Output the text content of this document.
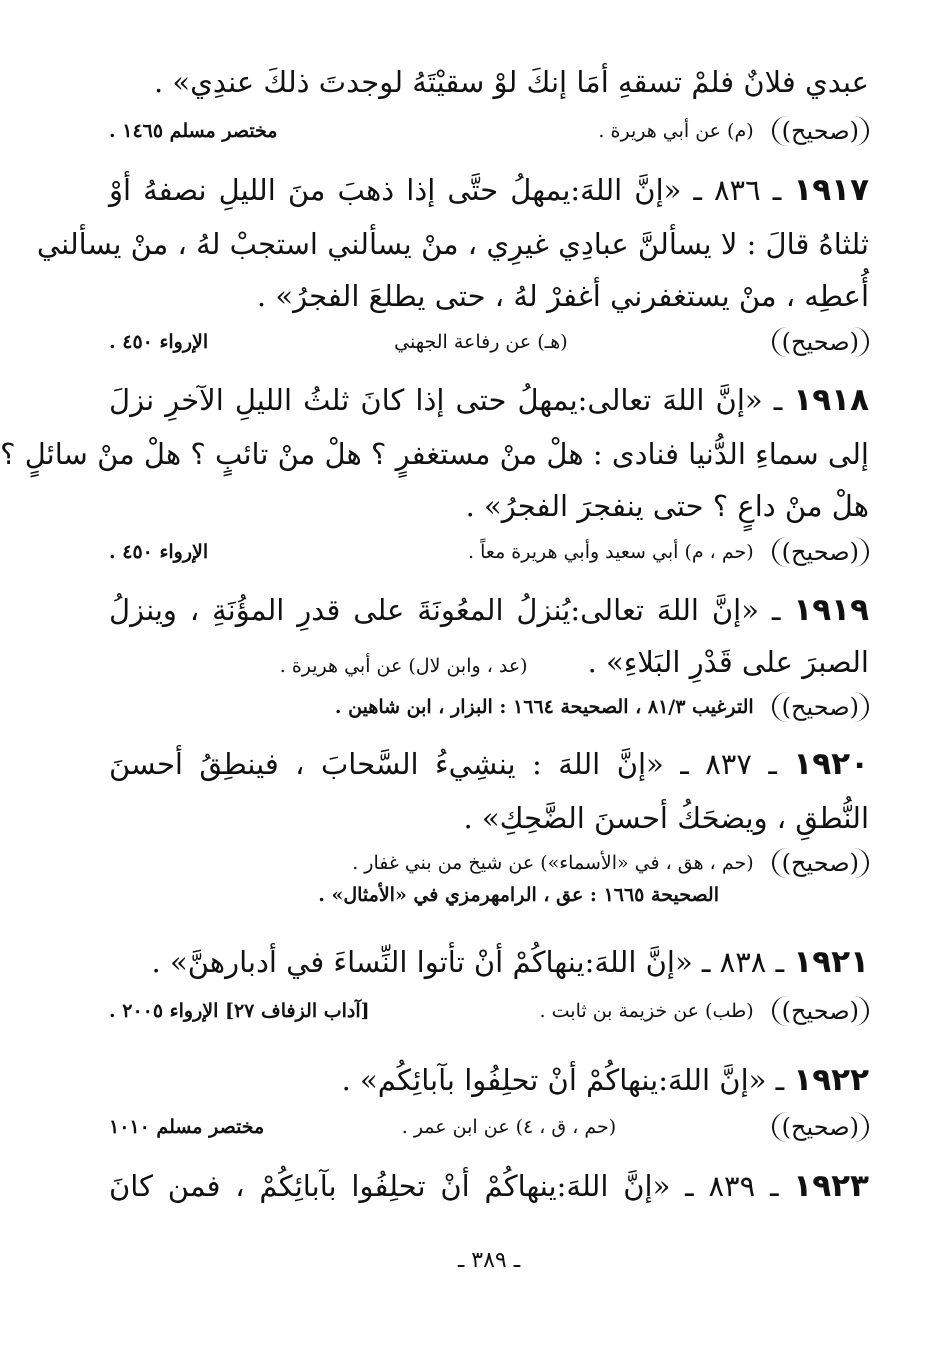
عبدي فلانٌ فلمْ تسقهِ أمَا إنكَ لوْ سقيْتَهُ لوجدتَ ذلكَ عندِي» .
(صحيح)
(م) عن أبي هريرة .
مختصر مسلم ١٤٦٥ .
١٩١٧ ـ ٨٣٦ ـ «إنَّ اللهَ:يمهلُ حتَّى إذا ذهبَ منَ الليلِ نصفهُ أوْ
ثلثاهُ قالَ : لا يسألنَّ عبادِي غيرِي ، منْ يسألني استجبْ لهُ ، منْ يسألني
أُعطِه ، منْ يستغفرني أغفرْ لهُ ، حتى يطلعَ الفجرُ» .
(صحيح)
(هـ) عن رفاعة الجهني
الإرواء ٤٥٠ .
١٩١٨ ـ «إنَّ اللهَ تعالى:يمهلُ حتى إذا كانَ ثلثُ الليلِ الآخرِ نزلَ
إلى سماءِ الدُّنيا فنادى : هلْ منْ مستغفرٍ ؟ هلْ منْ تائبٍ ؟ هلْ منْ سائلٍ ؟
هلْ منْ داعٍ ؟ حتى ينفجرَ الفجرُ» .
(صحيح)
(حم ، م) أبي سعيد وأبي هريرة معاً .
الإرواء ٤٥٠ .
١٩١٩ ـ «إنَّ اللهَ تعالى:يُنزلُ المعُونَةَ على قدرِ المؤُنَةِ ، وينزلُ
الصبرَ على قَدْرِ البَلاءِ» .
(عد ، وابن لال) عن أبي هريرة .
(صحيح)
الترغيب ٨١/٣ ، الصحيحة ١٦٦٤ : البزار ، ابن شاهين .
١٩٢٠ ـ ٨٣٧ ـ «إنَّ اللهَ : ينشِيءُ السَّحابَ ، فينطِقُ أحسنَ
النُّطقِ ، ويضحَكُ أحسنَ الضَّحِكِ» .
(صحيح)
(حم ، هق ، في «الأسماء») عن شيخ من بني غفار .
الصحيحة ١٦٦٥ : عق ، الرامهرمزي في «الأمثال» .
١٩٢١ ـ ٨٣٨ ـ «إنَّ اللهَ:ينهاكُمْ أنْ تأتوا النِّساءَ في أدبارهنَّ» .
(صحيح)
(طب) عن خزيمة بن ثابت .
[آداب الزفاف ٢٧] الإرواء ٢٠٠٥ .
١٩٢٢ ـ «إنَّ اللهَ:ينهاكُمْ أنْ تحلِفُوا بآبائِكُم» .
(صحيح)
(حم ، ق ، ٤) عن ابن عمر .
مختصر مسلم ١٠١٠
١٩٢٣ ـ ٨٣٩ ـ «إنَّ اللهَ:ينهاكُمْ أنْ تحلِفُوا بآبائِكُمْ ، فمن كانَ
ـ ٣٨٩ ـ
